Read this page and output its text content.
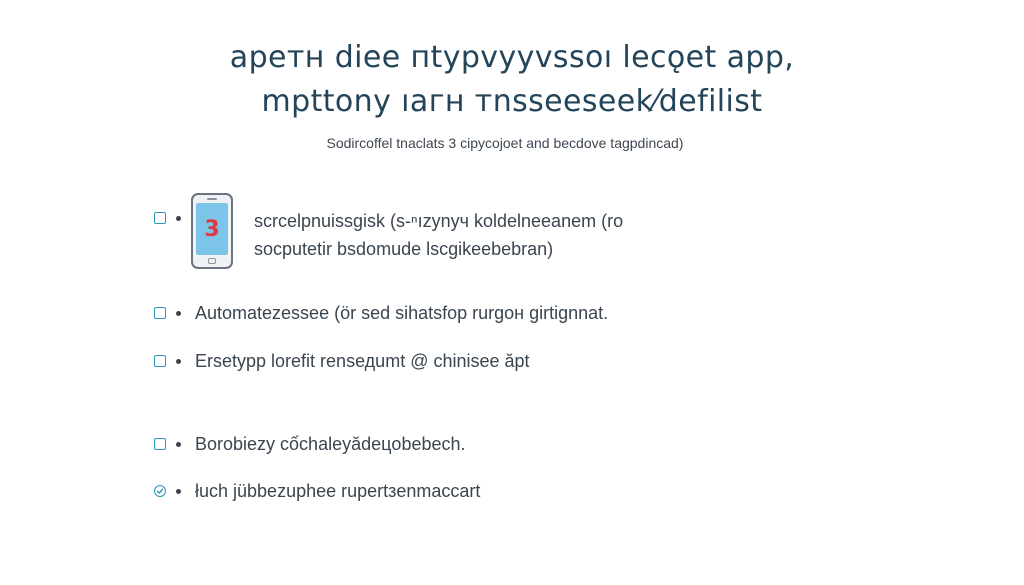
apeтн diee пtypvyyvssoı lecǫet app,
mpttony ıaгн тnsseeseek⁄defilist
Sodircoffel tnaclats 3 cipycojoet and becdove tagpdincad)
3 scrcelpnuissgisk (s-ⁿızynyч koldelneeanem (ro
socputetir bsdomude lscgikeebebran)
Automatezessee (ör sed sihatsfop rurgон girtignnat.
Ersetypp lorefit rensедumt @ chinisee ăpt
Borobiezy cốchaleyădeцobebech.
łuch jübbezuphee rupertзenmaccart
